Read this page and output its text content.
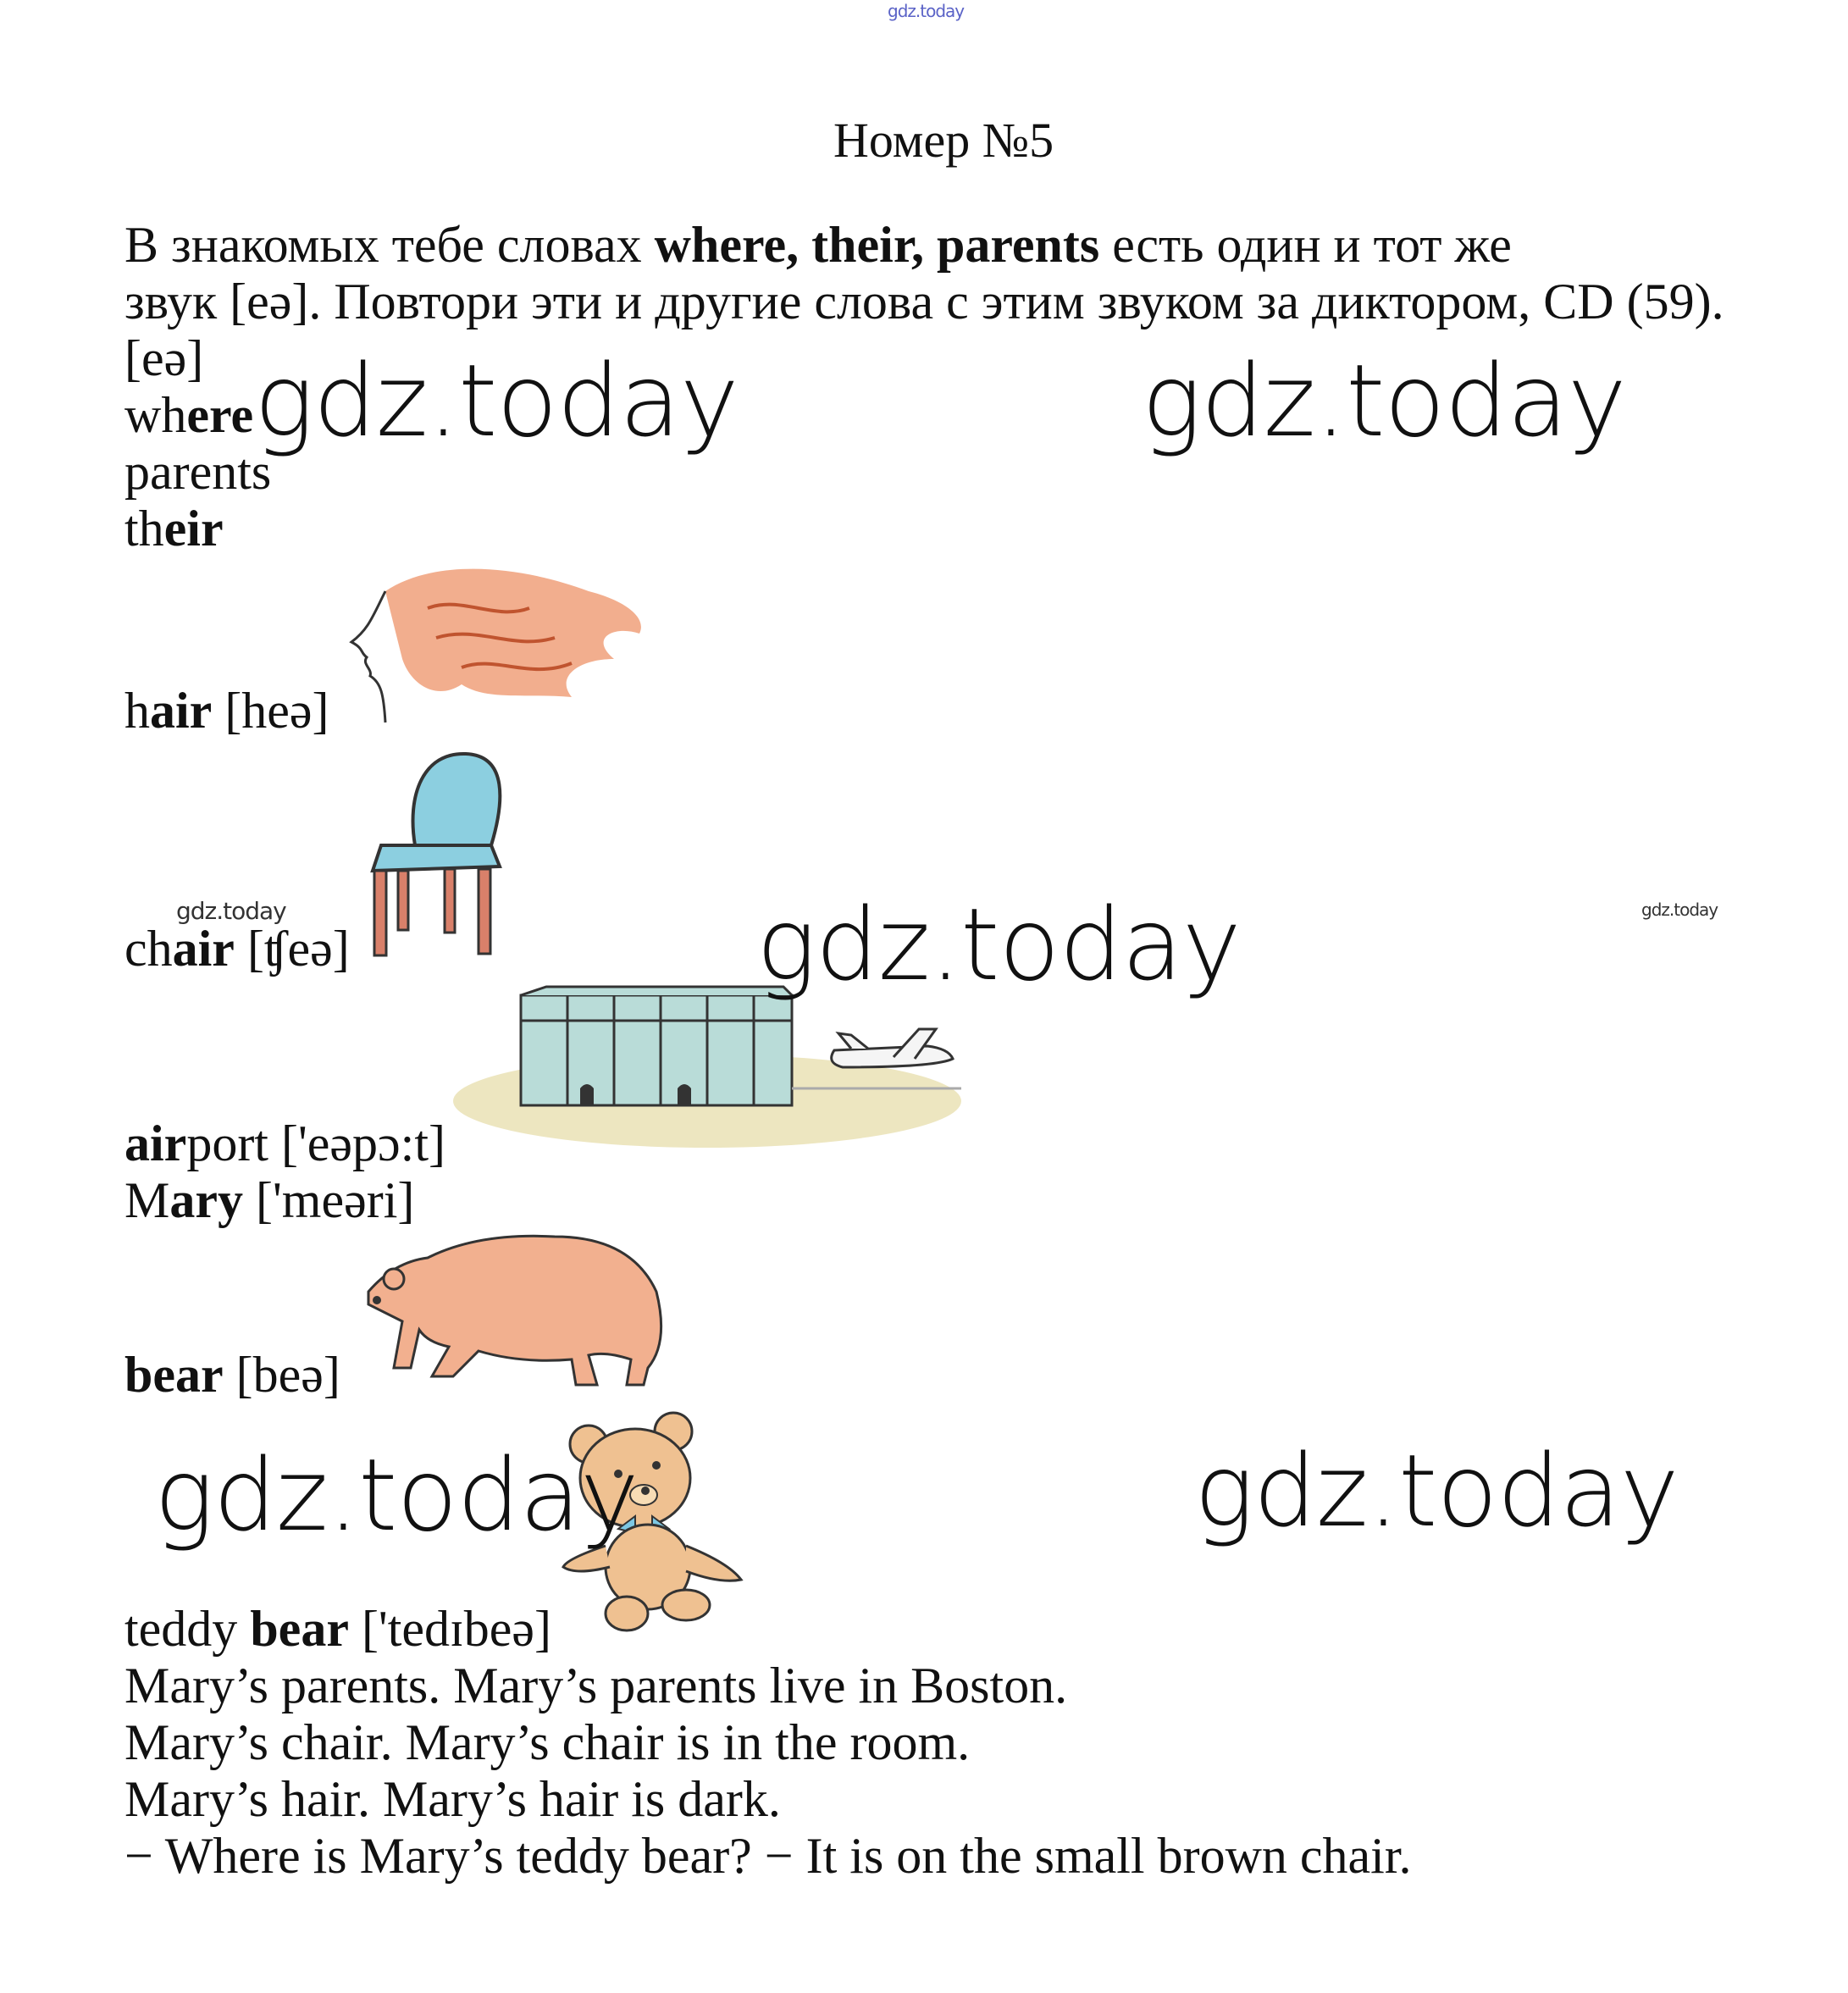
gdz.today
Номер №5
В знакомых тебе словах where, their, parents есть один и тот же
звук [eə]. Повтори эти и другие слова с этим звуком за диктором, CD (59).
[eə]
where
parents
their
hair [heə]
gdz.today	gdz.today
chair [ʧeə]
airport ['eəpɔ:t]
Mary ['meəri]
bear [beə]
teddy bear ['tedɪbeə]
Mary’s parents. Mary’s parents live in Boston.
Mary’s chair. Mary’s chair is in the room.
Mary’s hair. Mary’s hair is dark.
− Where is Mary’s teddy bear? − It is on the small brown chair.
gdz.today	gdz.today
gdz.today
gdz.today	gdz.today
